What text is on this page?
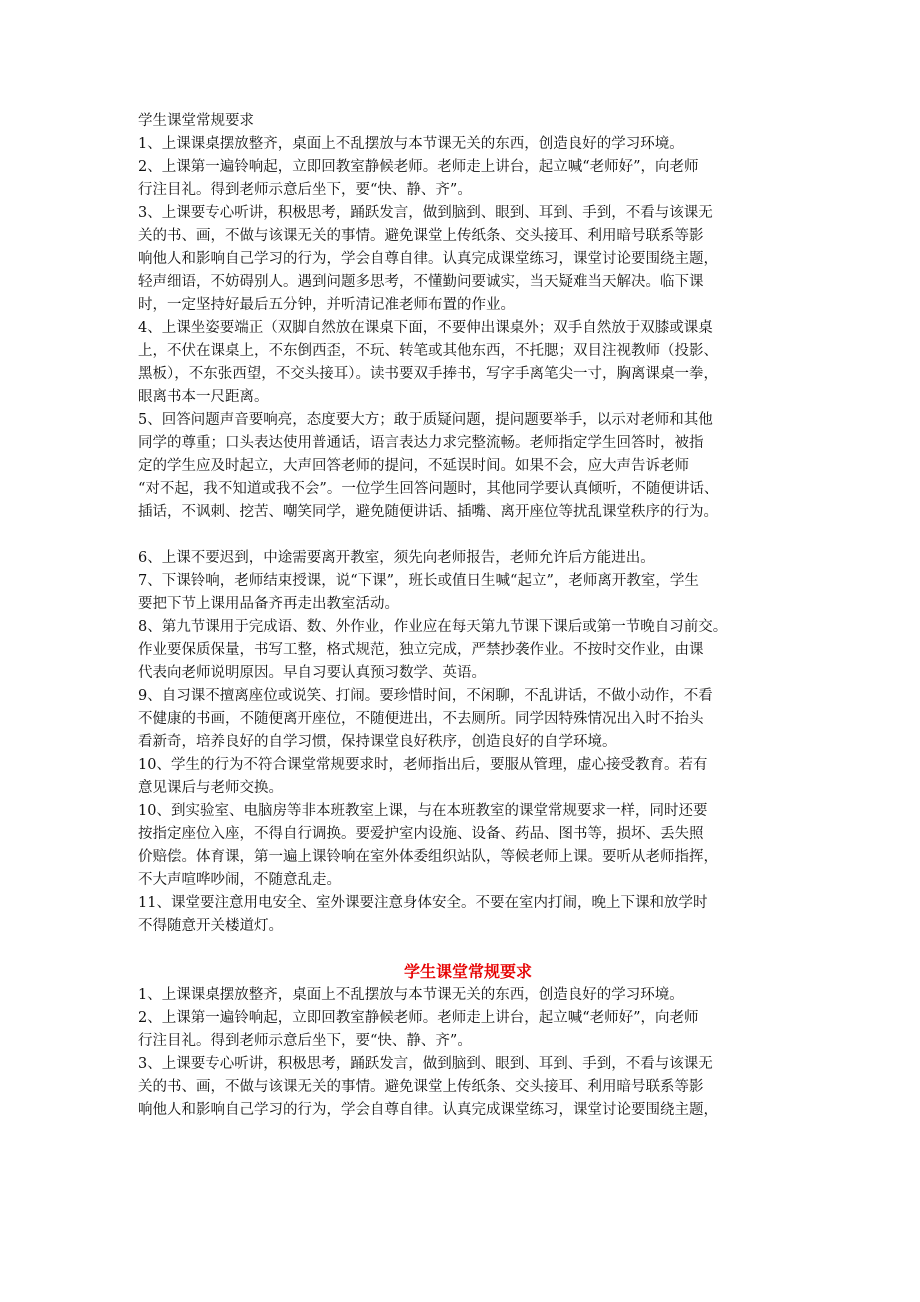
学生课堂常规要求
1、上课课桌摆放整齐，桌面上不乱摆放与本节课无关的东西，创造良好的学习环境。
2、上课第一遍铃响起，立即回教室静候老师。老师走上讲台，起立喊“老师好”，向老师
行注目礼。得到老师示意后坐下，要“快、静、齐”。
3、上课要专心听讲，积极思考，踊跃发言，做到脑到、眼到、耳到、手到，不看与该课无
关的书、画，不做与该课无关的事情。避免课堂上传纸条、交头接耳、利用暗号联系等影
响他人和影响自己学习的行为，学会自尊自律。认真完成课堂练习，课堂讨论要围绕主题，
轻声细语，不妨碍别人。遇到问题多思考，不懂勤问要诚实，当天疑难当天解决。临下课
时，一定坚持好最后五分钟，并听清记准老师布置的作业。
4、上课坐姿要端正（双脚自然放在课桌下面，不要伸出课桌外；双手自然放于双膝或课桌
上，不伏在课桌上，不东倒西歪，不玩、转笔或其他东西，不托腮；双目注视教师（投影、
黑板），不东张西望，不交头接耳）。读书要双手捧书，写字手离笔尖一寸，胸离课桌一拳，
眼离书本一尺距离。
5、回答问题声音要响亮，态度要大方；敢于质疑问题，提问题要举手，以示对老师和其他
同学的尊重；口头表达使用普通话，语言表达力求完整流畅。老师指定学生回答时，被指
定的学生应及时起立，大声回答老师的提问，不延误时间。如果不会，应大声告诉老师
“对不起，我不知道或我不会”。一位学生回答问题时，其他同学要认真倾听，不随便讲话、
插话，不讽刺、挖苦、嘲笑同学，避免随便讲话、插嘴、离开座位等扰乱课堂秩序的行为。
6、上课不要迟到，中途需要离开教室，须先向老师报告，老师允许后方能进出。
7、下课铃响，老师结束授课，说“下课”，班长或值日生喊“起立”，老师离开教室，学生
要把下节上课用品备齐再走出教室活动。
8、第九节课用于完成语、数、外作业，作业应在每天第九节课下课后或第一节晚自习前交。
作业要保质保量，书写工整，格式规范，独立完成，严禁抄袭作业。不按时交作业，由课
代表向老师说明原因。早自习要认真预习数学、英语。
9、自习课不擅离座位或说笑、打闹。要珍惜时间，不闲聊，不乱讲话，不做小动作，不看
不健康的书画，不随便离开座位，不随便进出，不去厕所。同学因特殊情况出入时不抬头
看新奇，培养良好的自学习惯，保持课堂良好秩序，创造良好的自学环境。
10、学生的行为不符合课堂常规要求时，老师指出后，要服从管理，虚心接受教育。若有
意见课后与老师交换。
10、到实验室、电脑房等非本班教室上课，与在本班教室的课堂常规要求一样，同时还要
按指定座位入座，不得自行调换。要爱护室内设施、设备、药品、图书等，损坏、丢失照
价赔偿。体育课，第一遍上课铃响在室外体委组织站队，等候老师上课。要听从老师指挥，
不大声喧哗吵闹，不随意乱走。
11、课堂要注意用电安全、室外课要注意身体安全。不要在室内打闹，晚上下课和放学时
不得随意开关楼道灯。
学生课堂常规要求
1、上课课桌摆放整齐，桌面上不乱摆放与本节课无关的东西，创造良好的学习环境。
2、上课第一遍铃响起，立即回教室静候老师。老师走上讲台，起立喊“老师好”，向老师
行注目礼。得到老师示意后坐下，要“快、静、齐”。
3、上课要专心听讲，积极思考，踊跃发言，做到脑到、眼到、耳到、手到，不看与该课无
关的书、画，不做与该课无关的事情。避免课堂上传纸条、交头接耳、利用暗号联系等影
响他人和影响自己学习的行为，学会自尊自律。认真完成课堂练习，课堂讨论要围绕主题，
